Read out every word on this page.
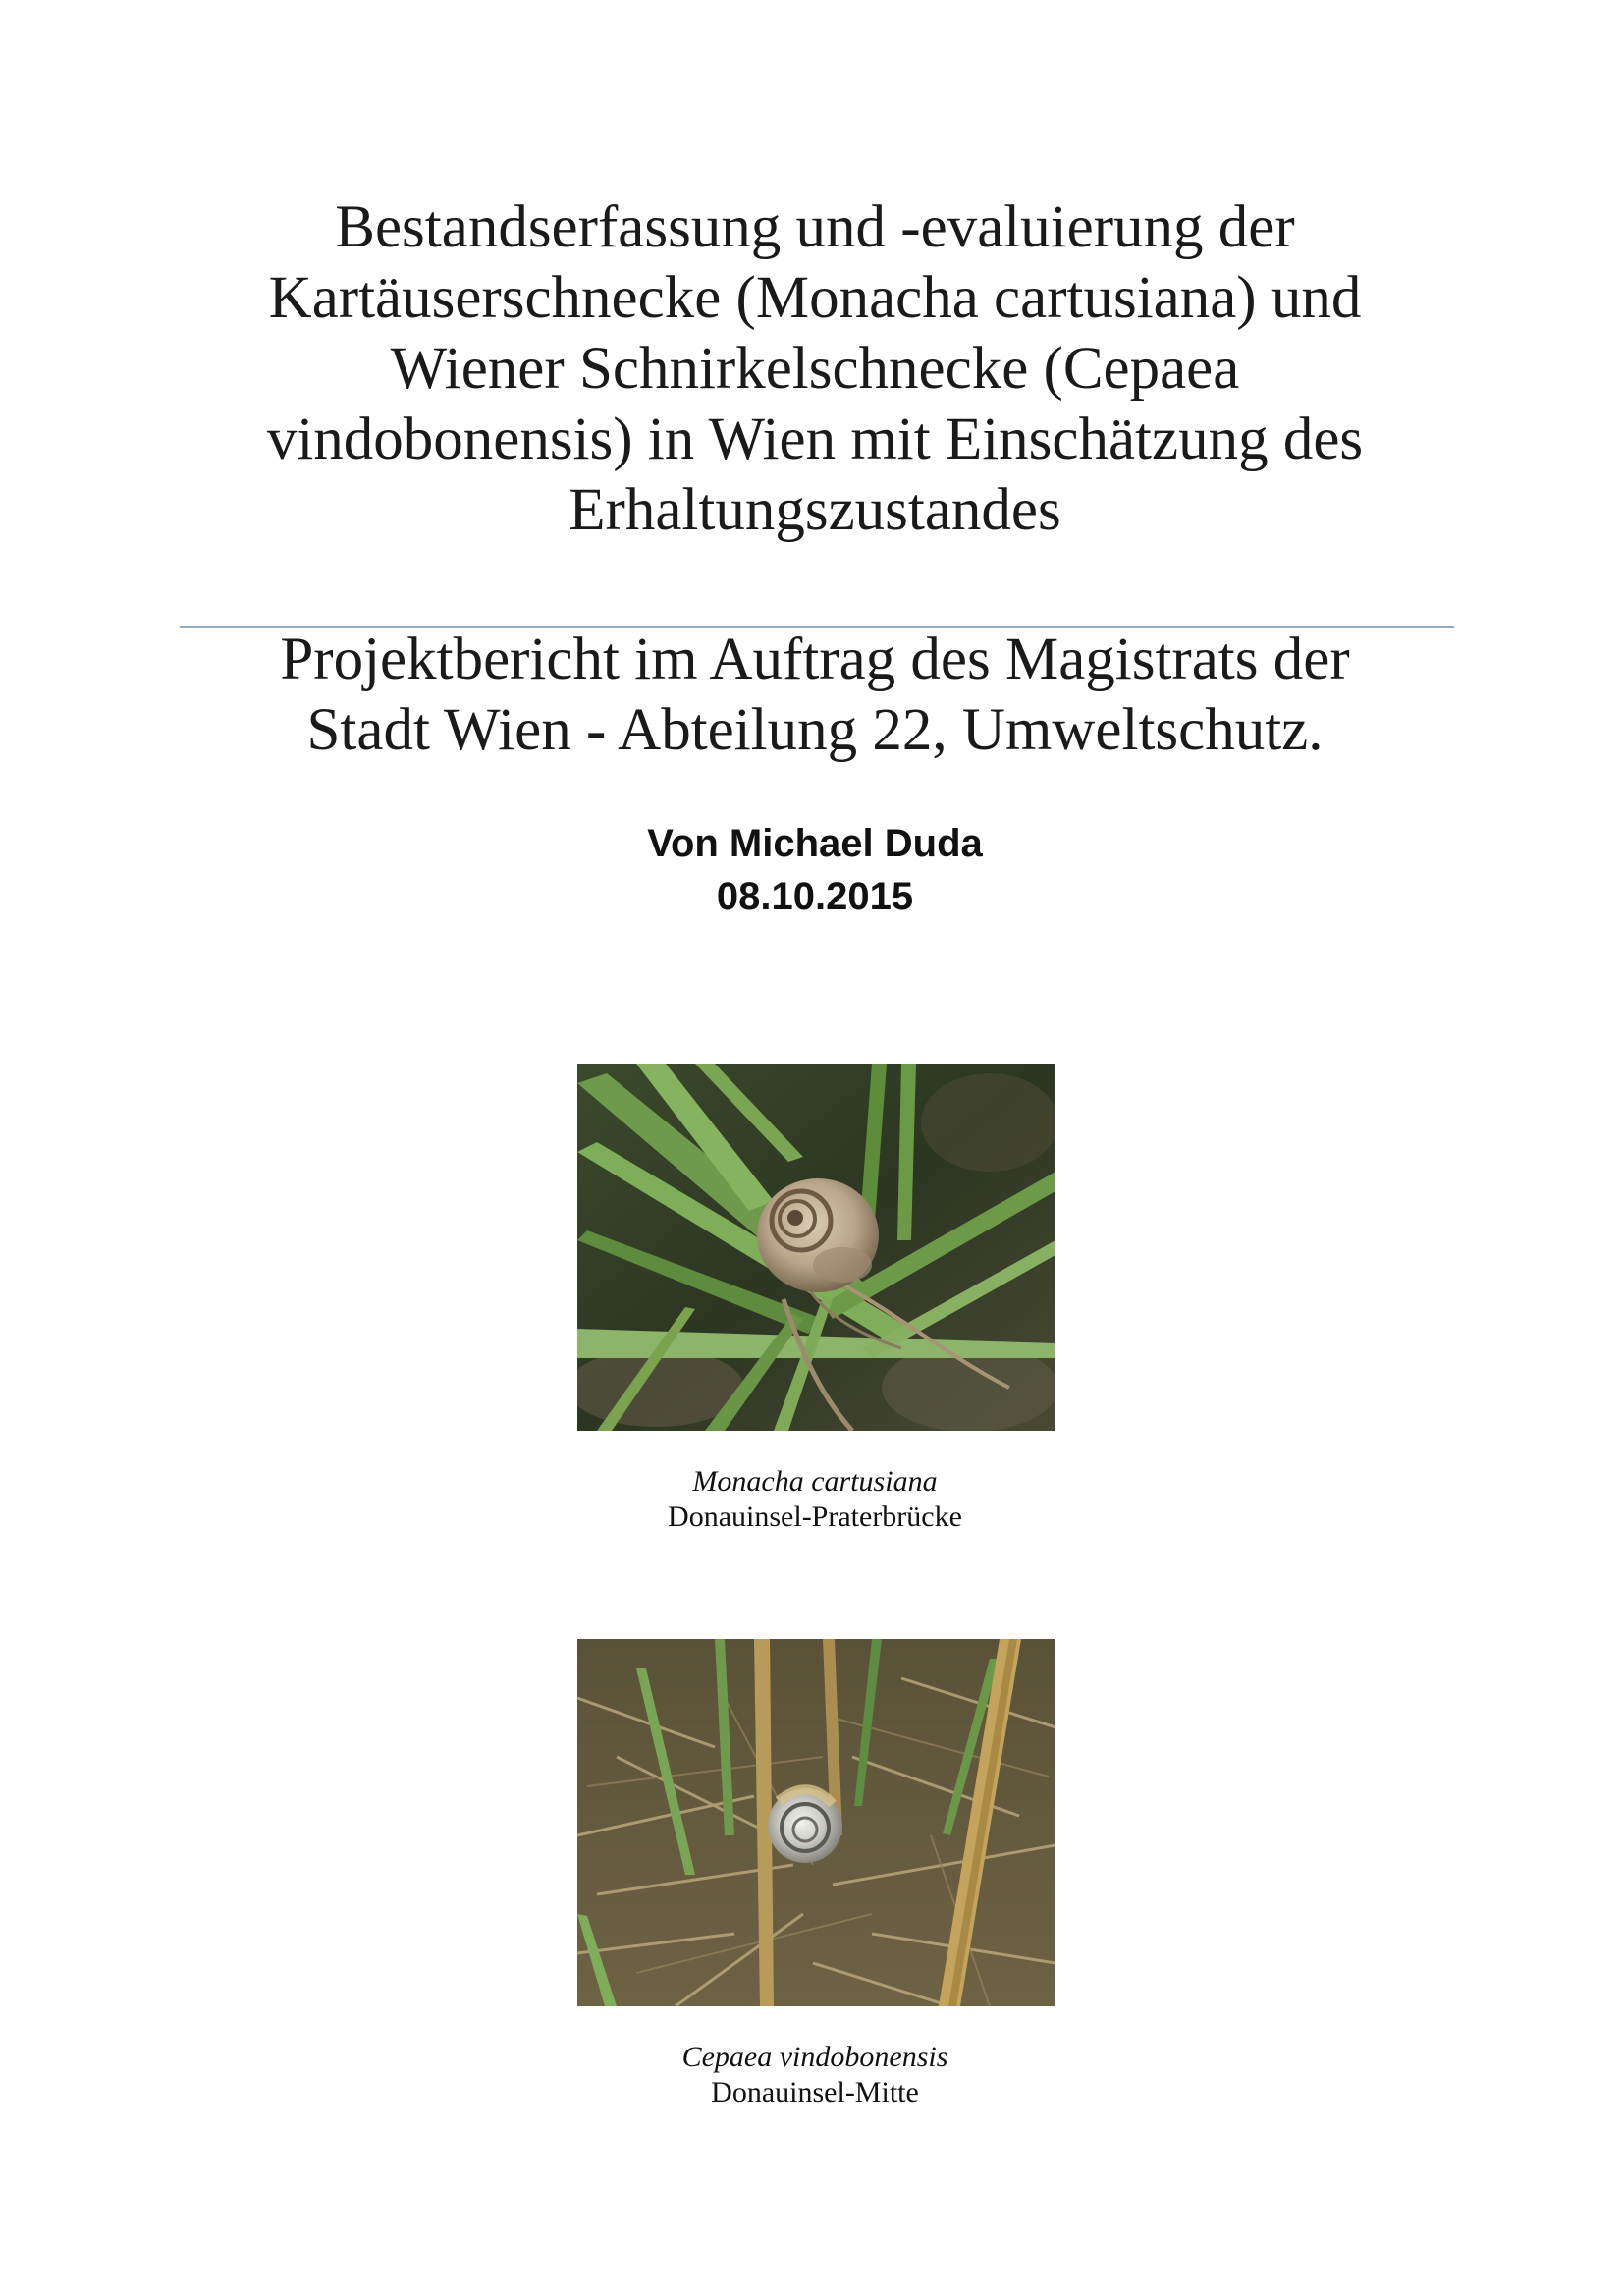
Bestandserfassung und -evaluierung der
Kartäuserschnecke (Monacha cartusiana) und
Wiener Schnirkelschnecke (Cepaea
vindobonensis) in Wien mit Einschätzung des
Erhaltungszustandes
Projektbericht im Auftrag des Magistrats der
Stadt Wien - Abteilung 22, Umweltschutz.
Von Michael Duda
08.10.2015
Monacha cartusiana
Donauinsel-Praterbrücke
Cepaea vindobonensis
Donauinsel-Mitte
